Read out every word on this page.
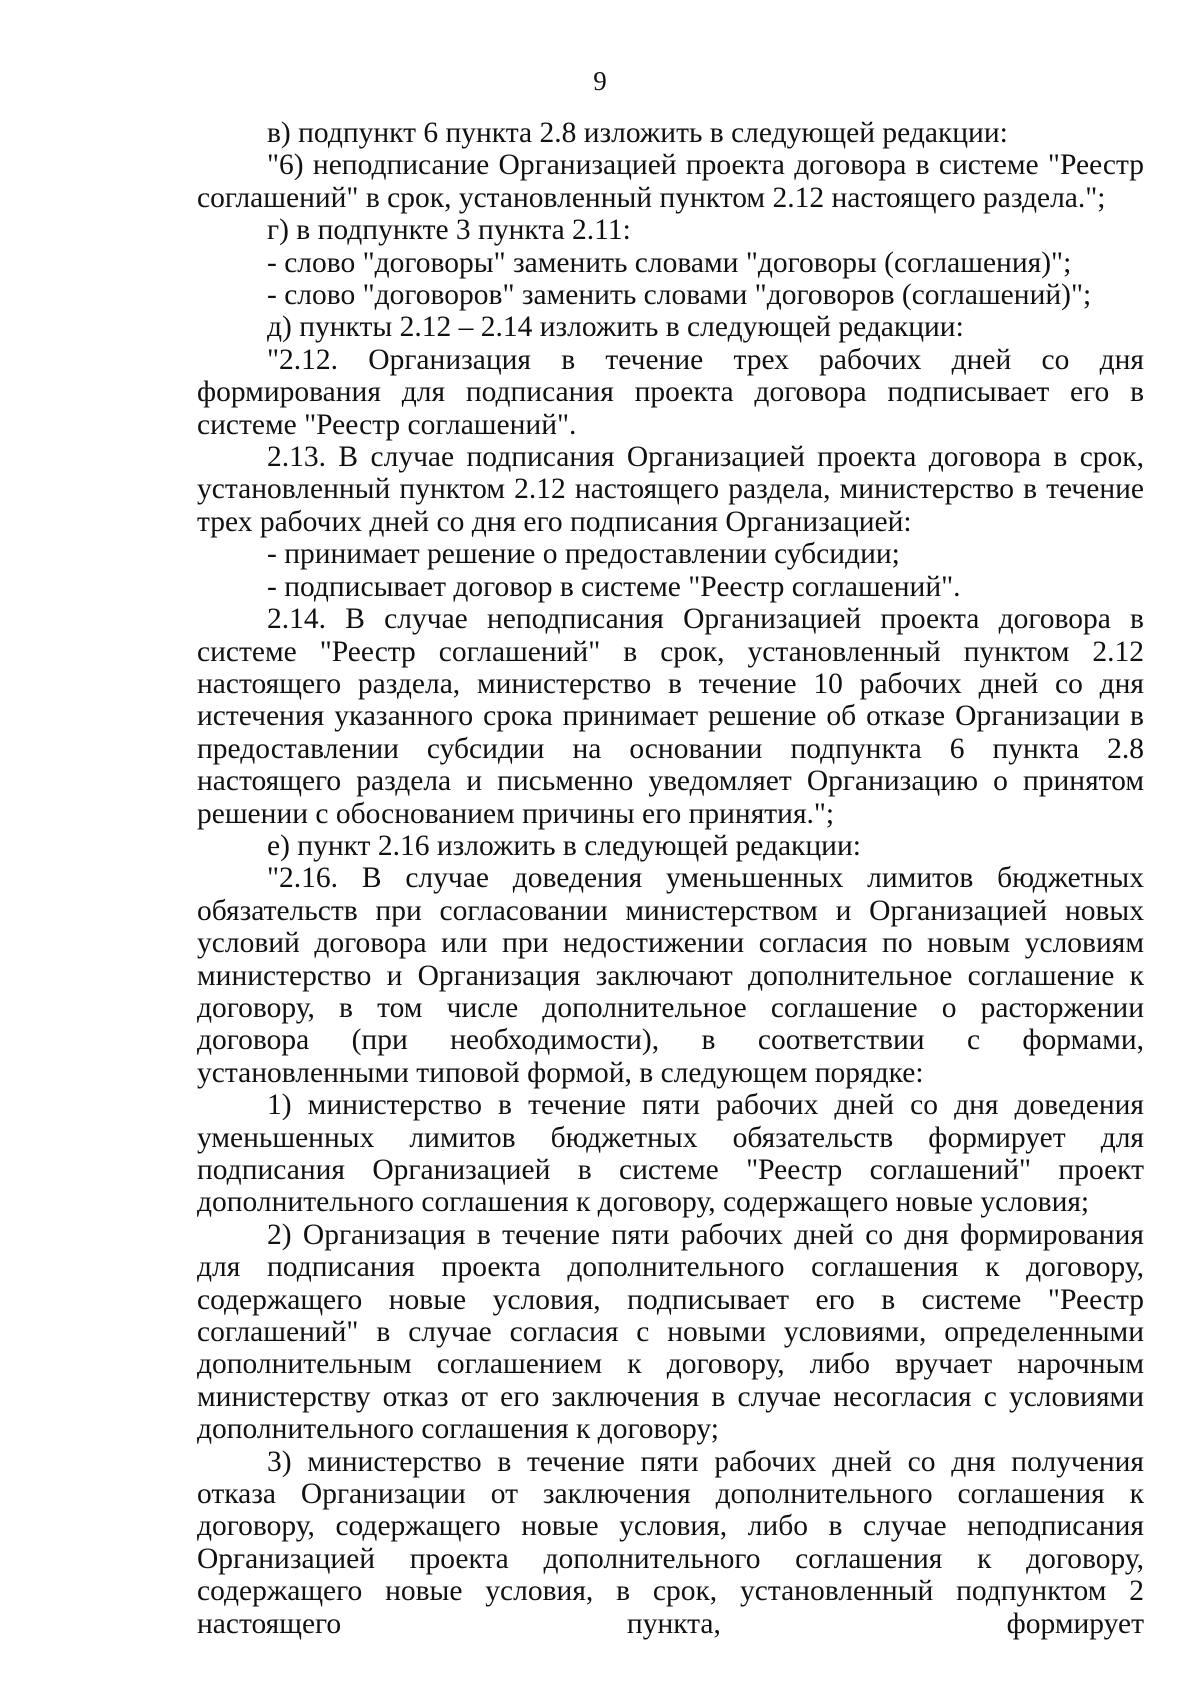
9

в) подпункт 6 пункта 2.8 изложить в следующей редакции:

"6) неподписание Организацией проекта договора в системе "Реестр соглашений" в срок, установленный пунктом 2.12 настоящего раздела.";

г) в подпункте 3 пункта 2.11:

- слово "договоры" заменить словами "договоры (соглашения)";

- слово "договоров" заменить словами "договоров (соглашений)";

д) пункты 2.12 – 2.14 изложить в следующей редакции:

"2.12. Организация в течение трех рабочих дней со дня формирования для подписания проекта договора подписывает его в системе "Реестр соглашений".

2.13. В случае подписания Организацией проекта договора в срок, установленный пунктом 2.12 настоящего раздела, министерство в течение трех рабочих дней со дня его подписания Организацией:

- принимает решение о предоставлении субсидии;

- подписывает договор в системе "Реестр соглашений".

2.14. В случае неподписания Организацией проекта договора в системе "Реестр соглашений" в срок, установленный пунктом 2.12 настоящего раздела, министерство в течение 10 рабочих дней со дня истечения указанного срока принимает решение об отказе Организации в предоставлении субсидии на основании подпункта 6 пункта 2.8 настоящего раздела и письменно уведомляет Организацию о принятом решении с обоснованием причины его принятия.";

е) пункт 2.16 изложить в следующей редакции:

"2.16. В случае доведения уменьшенных лимитов бюджетных обязательств при согласовании министерством и Организацией новых условий договора или при недостижении согласия по новым условиям министерство и Организация заключают дополнительное соглашение к договору, в том числе дополнительное соглашение о расторжении договора (при необходимости), в соответствии с формами, установленными типовой формой, в следующем порядке:

1) министерство в течение пяти рабочих дней со дня доведения уменьшенных лимитов бюджетных обязательств формирует для подписания Организацией в системе "Реестр соглашений" проект дополнительного соглашения к договору, содержащего новые условия;

2) Организация в течение пяти рабочих дней со дня формирования для подписания проекта дополнительного соглашения к договору, содержащего новые условия, подписывает его в системе "Реестр соглашений" в случае согласия с новыми условиями, определенными дополнительным соглашением к договору, либо вручает нарочным министерству отказ от его заключения в случае несогласия с условиями дополнительного соглашения к договору;

3) министерство в течение пяти рабочих дней со дня получения отказа Организации от заключения дополнительного соглашения к договору, содержащего новые условия, либо в случае неподписания Организацией проекта дополнительного соглашения к договору, содержащего новые условия, в срок, установленный подпунктом 2 настоящего пункта, формирует
